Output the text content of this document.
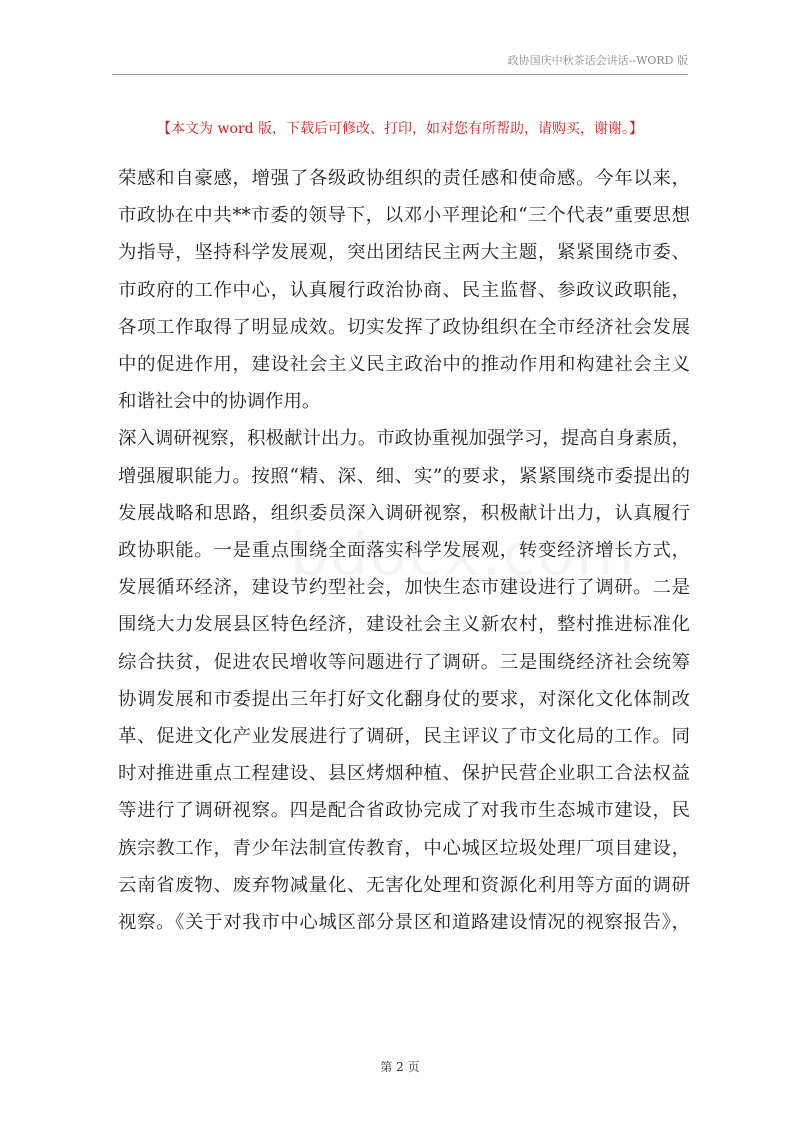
政协国庆中秋茶话会讲话--WORD 版
【本文为 word 版，下载后可修改、打印，如对您有所帮助，请购买，谢谢。】
荣感和自豪感，增强了各级政协组织的责任感和使命感。今年以来，
市政协在中共**市委的领导下，以邓小平理论和“三个代表”重要思想
为指导，坚持科学发展观，突出团结民主两大主题，紧紧围绕市委、
市政府的工作中心，认真履行政治协商、民主监督、参政议政职能，
各项工作取得了明显成效。切实发挥了政协组织在全市经济社会发展
中的促进作用，建设社会主义民主政治中的推动作用和构建社会主义
和谐社会中的协调作用。
深入调研视察，积极献计出力。市政协重视加强学习，提高自身素质，
增强履职能力。按照“精、深、细、实”的要求，紧紧围绕市委提出的
发展战略和思路，组织委员深入调研视察，积极献计出力，认真履行
政协职能。一是重点围绕全面落实科学发展观，转变经济增长方式，
发展循环经济，建设节约型社会，加快生态市建设进行了调研。二是
围绕大力发展县区特色经济，建设社会主义新农村，整村推进标准化
综合扶贫，促进农民增收等问题进行了调研。三是围绕经济社会统筹
协调发展和市委提出三年打好文化翻身仗的要求，对深化文化体制改
革、促进文化产业发展进行了调研，民主评议了市文化局的工作。同
时对推进重点工程建设、县区烤烟种植、保护民营企业职工合法权益
等进行了调研视察。四是配合省政协完成了对我市生态城市建设，民
族宗教工作，青少年法制宣传教育，中心城区垃圾处理厂项目建设，
云南省废物、废弃物减量化、无害化处理和资源化利用等方面的调研
视察。《关于对我市中心城区部分景区和道路建设情况的视察报告》，
第 2 页
